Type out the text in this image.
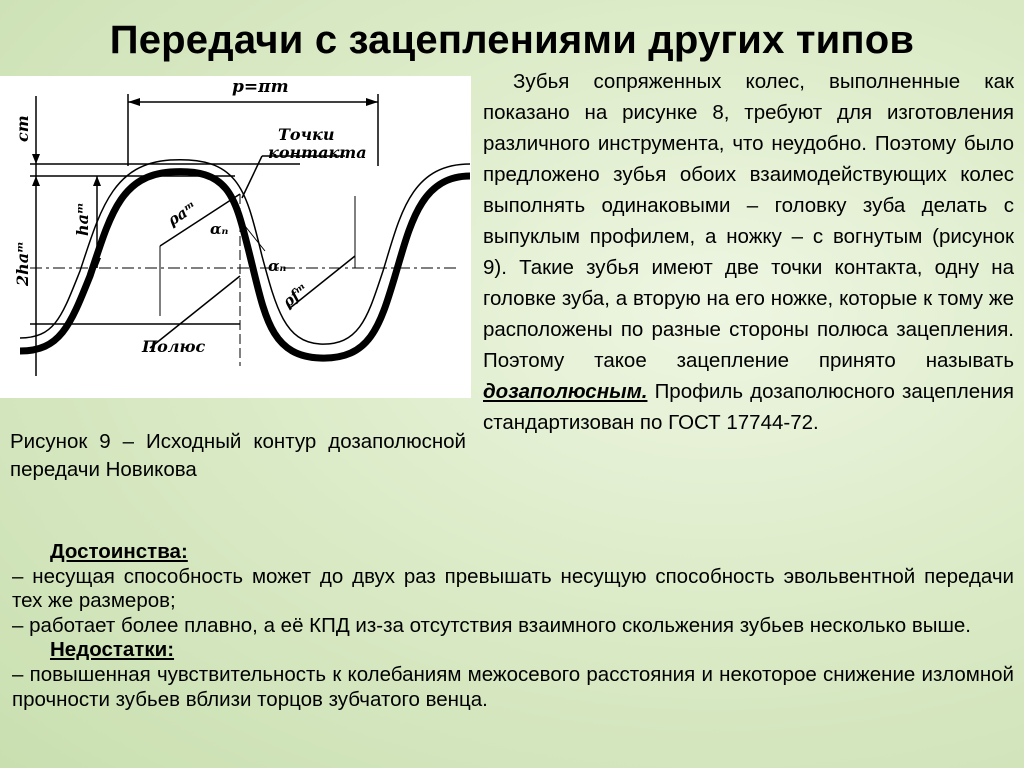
Передачи с зацеплениями других типов
p=πm
Точки
контакта
Полюс
cm
haᵐ
2haᵐ
ρaᵐ
ρfᵐ
αₙ
αₙ
Рисунок 9 – Исходный контур дозаполюсной передачи Новикова
Зубья сопряженных колес, выполненные как показано на рисунке 8, требуют для изготовления различного инструмента, что неудобно. Поэтому было предложено зубья обоих взаимодействующих колес выполнять одинаковыми – головку зуба делать с выпуклым профилем, а ножку – с вогнутым (рисунок 9). Такие зубья имеют две точки контакта, одну на головке зуба, а вторую на его ножке, которые к тому же расположены по разные стороны полюса зацепления. Поэтому такое зацепление принято называть дозаполюсным. Профиль дозаполюсного зацепления стандартизован по ГОСТ 17744-72.
Достоинства:

– несущая способность может до двух раз превышать несущую способность эвольвентной передачи тех же размеров;

– работает более плавно, а её КПД из-за отсутствия взаимного скольжения зубьев несколько выше.

Недостатки:

– повышенная чувствительность к колебаниям межосевого расстояния и некоторое снижение изломной прочности зубьев вблизи торцов зубчатого венца.
